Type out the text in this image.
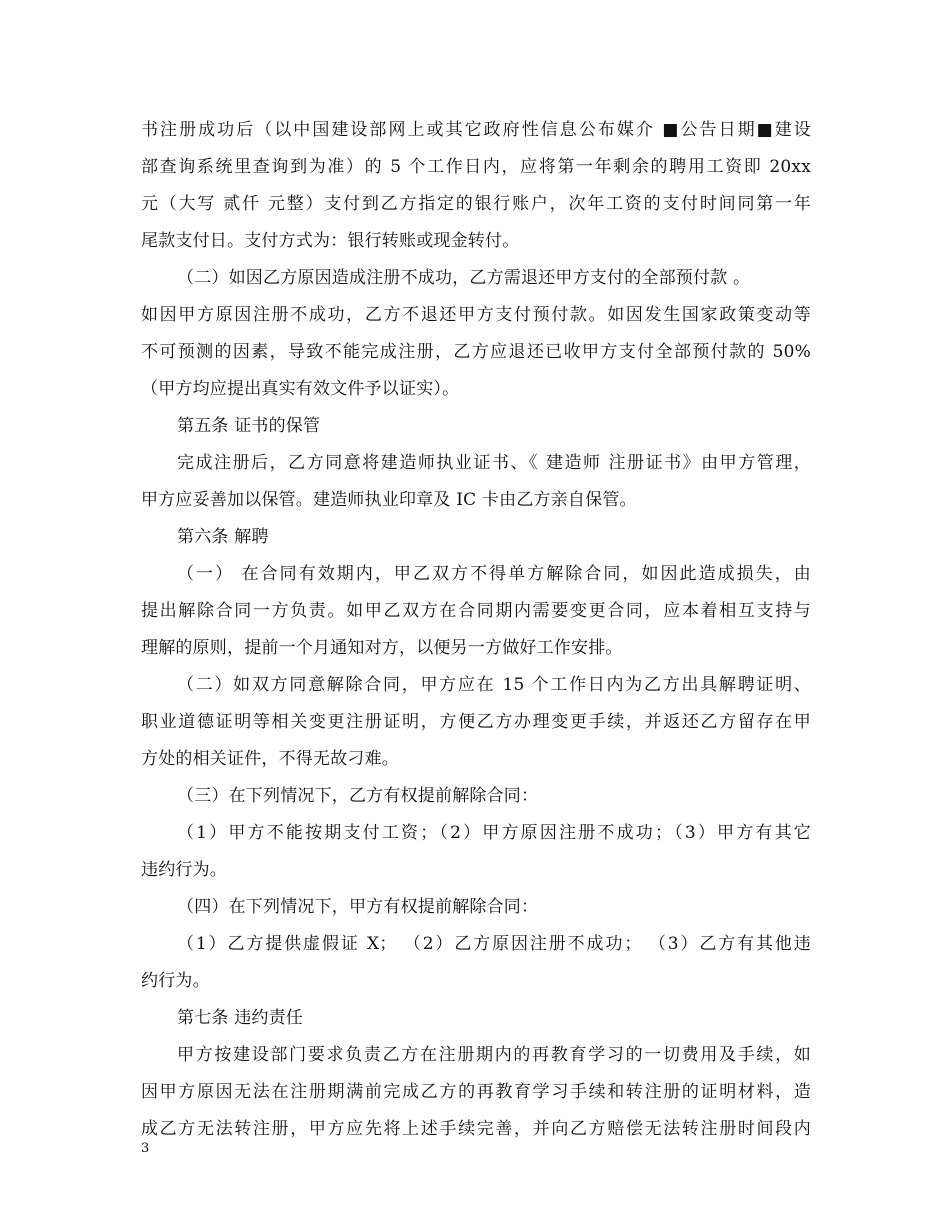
书注册成功后（以中国建设部网上或其它政府性信息公布媒介 ■公告日期■建设
部查询系统里查询到为准）的 5 个工作日内，应将第一年剩余的聘用工资即 20xx
元（大写 贰仟 元整）支付到乙方指定的银行账户，次年工资的支付时间同第一年
尾款支付日。支付方式为：银行转账或现金转付。
（二）如因乙方原因造成注册不成功，乙方需退还甲方支付的全部预付款 。
如因甲方原因注册不成功，乙方不退还甲方支付预付款。如因发生国家政策变动等
不可预测的因素，导致不能完成注册，乙方应退还已收甲方支付全部预付款的 50%
（甲方均应提出真实有效文件予以证实）。
第五条 证书的保管
完成注册后，乙方同意将建造师执业证书、《 建造师 注册证书》由甲方管理，
甲方应妥善加以保管。建造师执业印章及 IC 卡由乙方亲自保管。
第六条 解聘
（一） 在合同有效期内，甲乙双方不得单方解除合同，如因此造成损失，由
提出解除合同一方负责。如甲乙双方在合同期内需要变更合同，应本着相互支持与
理解的原则，提前一个月通知对方，以便另一方做好工作安排。
（二）如双方同意解除合同，甲方应在 15 个工作日内为乙方出具解聘证明、
职业道德证明等相关变更注册证明，方便乙方办理变更手续，并返还乙方留存在甲
方处的相关证件，不得无故刁难。
（三）在下列情况下，乙方有权提前解除合同：
（1）甲方不能按期支付工资；（2）甲方原因注册不成功；（3）甲方有其它
违约行为。
（四）在下列情况下，甲方有权提前解除合同：
（1）乙方提供虚假证 X； （2）乙方原因注册不成功； （3）乙方有其他违
约行为。
第七条 违约责任
甲方按建设部门要求负责乙方在注册期内的再教育学习的一切费用及手续，如
因甲方原因无法在注册期满前完成乙方的再教育学习手续和转注册的证明材料，造
成乙方无法转注册，甲方应先将上述手续完善，并向乙方赔偿无法转注册时间段内
3
